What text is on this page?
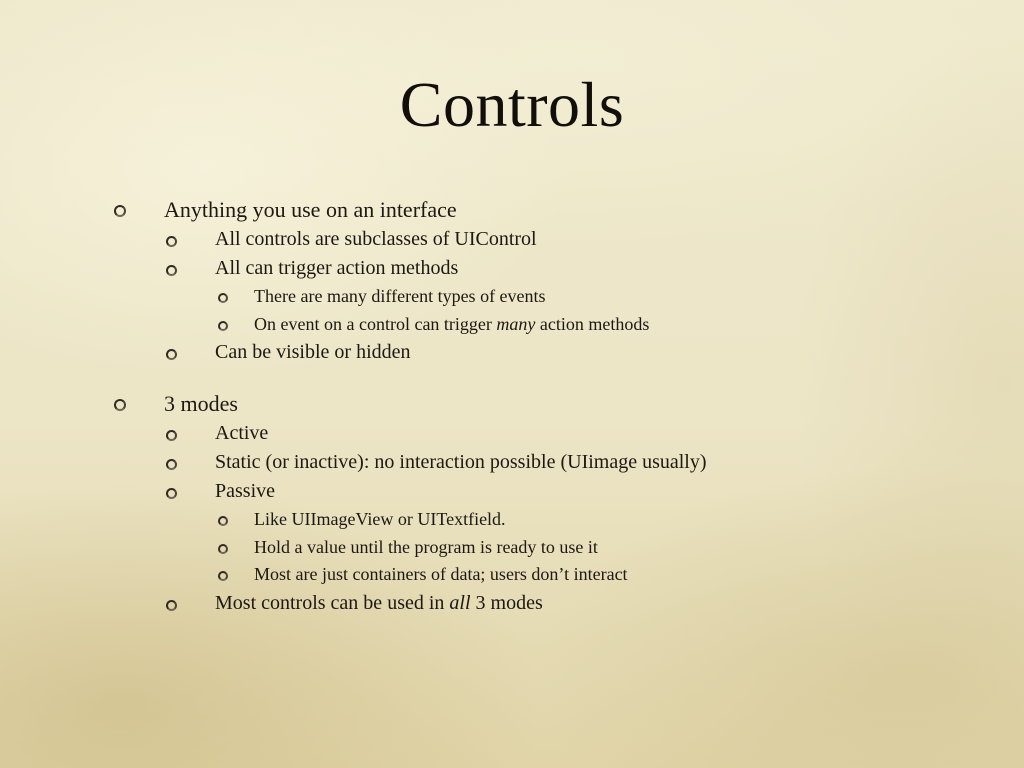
Controls
Anything you use on an interface
All controls are subclasses of UIControl
All can trigger action methods
There are many different types of events
On event on a control can trigger many action methods
Can be visible or hidden
3 modes
Active
Static (or inactive): no interaction possible (UIimage usually)
Passive
Like UIImageView or UITextfield.
Hold a value until the program is ready to use it
Most are just containers of data; users don’t interact
Most controls can be used in all 3 modes
